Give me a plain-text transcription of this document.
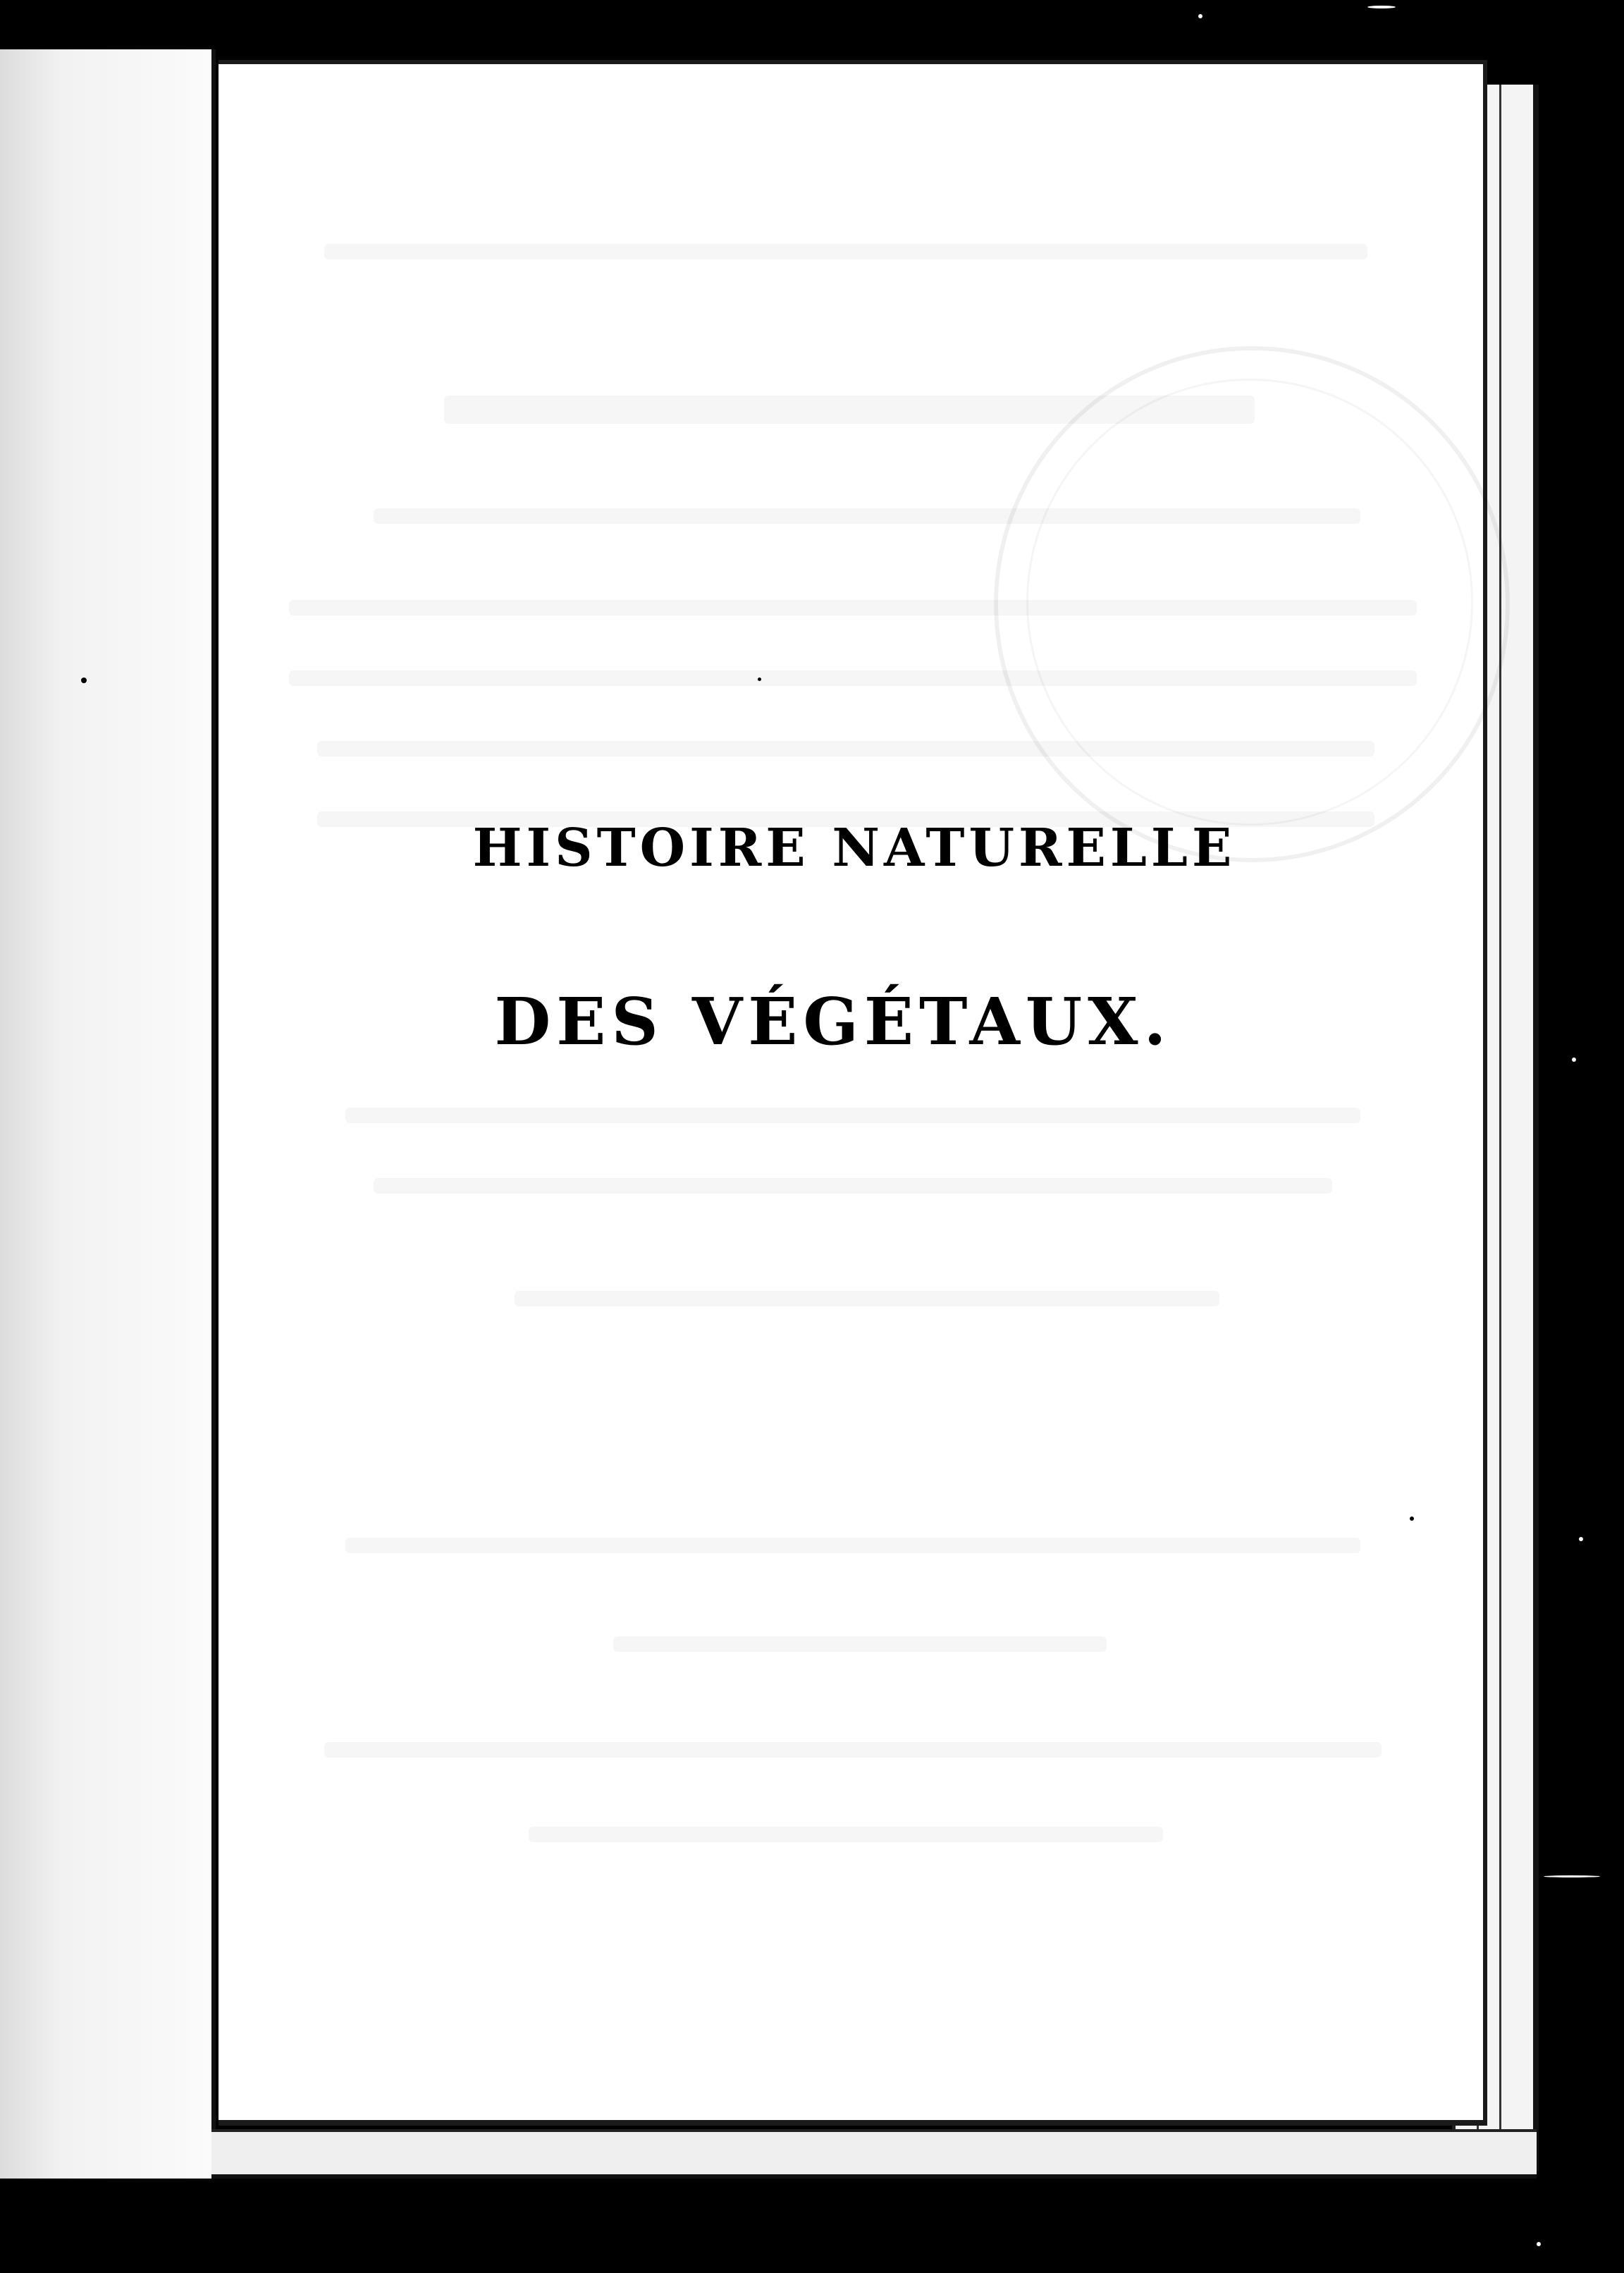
HISTOIRE NATURELLE
DES VÉGÉTAUX.
